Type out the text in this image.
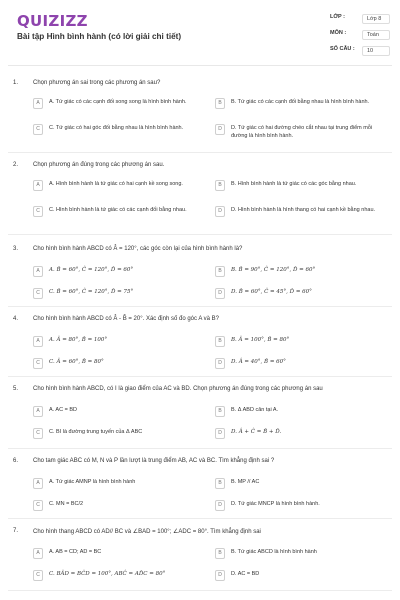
QUIZIZZ
Bài tập Hình bình hành (có lời giải chi tiết)
LỚP :	Lớp 8
MÔN :	Toán
SỐ CÂU :	10
1. Chọn phương án sai trong các phương án sau?
A	A. Tứ giác có các cạnh đối song song là hình bình hành.	B	B. Tứ giác có các cạnh đối bằng nhau là hình bình hành.
C	C. Tứ giác có hai góc đối bằng nhau là hình bình hành.	D	D. Tứ giác có hai đường chéo cắt nhau tại trung điểm mỗi đường là hình bình hành.
2. Chọn phương án đúng trong các phương án sau.
A	A. Hình bình hành là tứ giác có hai cạnh kề song song.	B	B. Hình bình hành là tứ giác có các góc bằng nhau.
C	C. Hình bình hành là tứ giác có các cạnh đối bằng nhau.	D	D. Hình bình hành là hình thang có hai cạnh kề bằng nhau.
3. Cho hình bình hành ABCD có Â = 120°, các góc còn lại của hình bình hành là?
A	A. B̂ = 60°, Ĉ = 120°, D̂ = 60°	B	B. B̂ = 90°, Ĉ = 120°, D̂ = 60°
C	C. B̂ = 60°, Ĉ = 120°, D̂ = 75°	D	D. B̂ = 60°, Ĉ = 45°, D̂ = 60°
4. Cho hình bình hành ABCD có Â - B̂ = 20°. Xác định số đo góc A và B?
A	A. Â = 80°, B̂ = 100°	B	B. Â = 100°, B̂ = 80°
C	C. Â = 60°, B̂ = 80°	D	D. Â = 40°, B̂ = 60°
5. Cho hình bình hành ABCD, có I là giao điểm của AC và BD. Chọn phương án đúng trong các phương án sau
A	A. AC = BD	B	B. Δ ABD cân tại A.
C	C. BI là đường trung tuyến của Δ ABC	D	D. Â + Ĉ = B̂ + D̂.
6. Cho tam giác ABC có M, N và P lần lượt là trung điểm AB, AC và BC. Tìm khẳng định sai ?
A	A. Tứ giác AMNP là hình bình hành	B	B. MP // AC
C	C. MN = BC/2	D	D. Tứ giác MNCP là hình bình hành.
7. Cho hình thang ABCD có AD// BC và ∠BAD = 100°; ∠ADC = 80°. Tìm khẳng định sai
A	A. AB = CD; AD = BC	B	B. Tứ giác ABCD là hình bình hành
C	C. BÂD = BĈD = 100°, ABĈ = AD̂C = 80°	D	D. AC = BD
